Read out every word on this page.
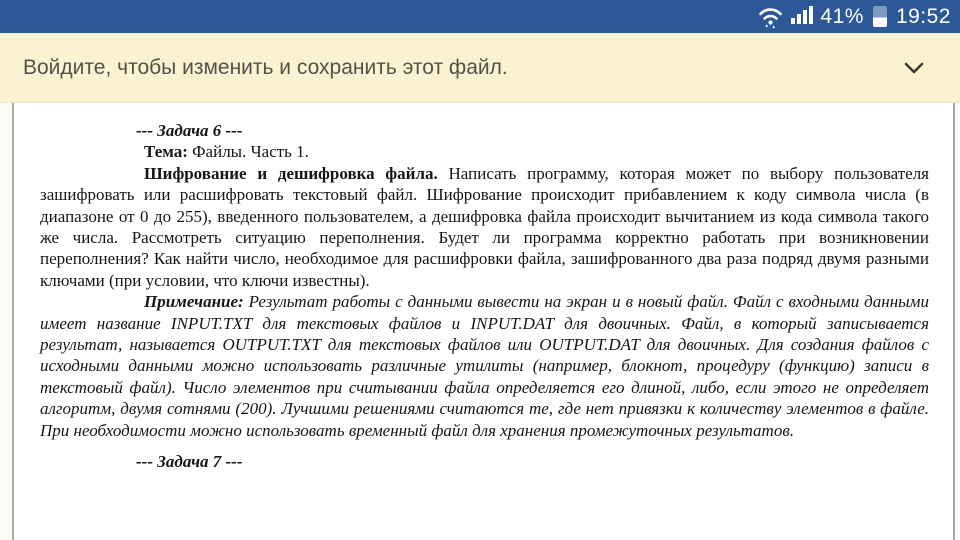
41% 19:52
Войдите, чтобы изменить и сохранить этот файл.

--- Задача 6 ---

Тема: Файлы. Часть 1.

Шифрование и дешифровка файла. Написать программу, которая может по выбору пользователя зашифровать или расшифровать текстовый файл. Шифрование происходит прибавлением к коду символа числа (в диапазоне от 0 до 255), введенного пользователем, а дешифровка файла происходит вычитанием из кода символа такого же числа. Рассмотреть ситуацию переполнения. Будет ли программа корректно работать при возникновении переполнения? Как найти число, необходимое для расшифровки файла, зашифрованного два раза подряд двумя разными ключами (при условии, что ключи известны).

Примечание: Результат работы с данными вывести на экран и в новый файл. Файл с входными данными имеет название INPUT.TXT для текстовых файлов и INPUT.DAT для двоичных. Файл, в который записывается результат, называется OUTPUT.TXT для текстовых файлов или OUTPUT.DAT для двоичных. Для создания файлов с исходными данными можно использовать различные утилиты (например, блокнот, процедуру (функцию) записи в текстовый файл). Число элементов при считывании файла определяется его длиной, либо, если этого не определяет алгоритм, двумя сотнями (200). Лучшими решениями считаются те, где нет привязки к количеству элементов в файле. При необходимости можно использовать временный файл для хранения промежуточных результатов.

--- Задача 7 ---
